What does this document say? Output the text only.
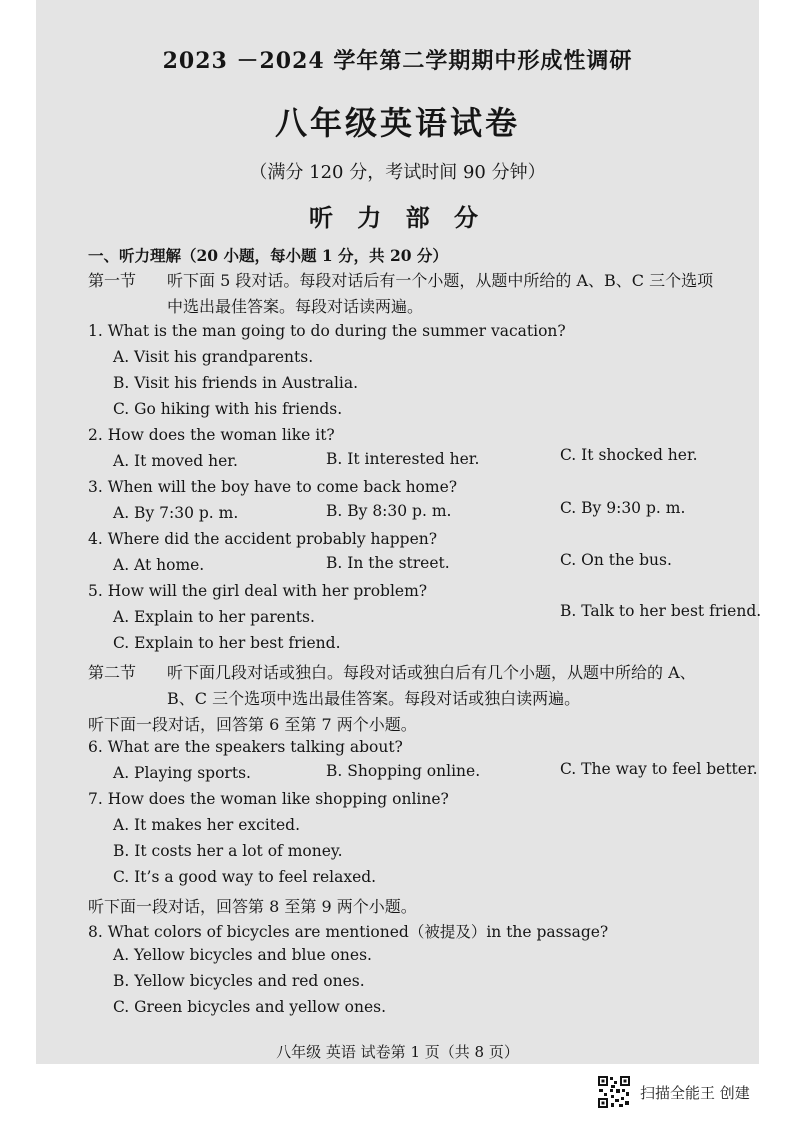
2023 －2024 学年第二学期期中形成性调研
八年级英语试卷
（满分 120 分，考试时间 90 分钟）
听 力 部 分
一、听力理解（20 小题，每小题 1 分，共 20 分）
第一节 听下面 5 段对话。每段对话后有一个小题，从题中所给的 A、B、C 三个选项
中选出最佳答案。每段对话读两遍。
1. What is the man going to do during the summer vacation?
A. Visit his grandparents.
B. Visit his friends in Australia.
C. Go hiking with his friends.
2. How does the woman like it?
A. It moved her.	B. It interested her.	C. It shocked her.
3. When will the boy have to come back home?
A. By 7:30 p. m.	B. By 8:30 p. m.	C. By 9:30 p. m.
4. Where did the accident probably happen?
A. At home.	B. In the street.	C. On the bus.
5. How will the girl deal with her problem?
A. Explain to her parents.	B. Talk to her best friend.
C. Explain to her best friend.
第二节 听下面几段对话或独白。每段对话或独白后有几个小题，从题中所给的 A、
B、C 三个选项中选出最佳答案。每段对话或独白读两遍。
听下面一段对话，回答第 6 至第 7 两个小题。
6. What are the speakers talking about?
A. Playing sports.	B. Shopping online.	C. The way to feel better.
7. How does the woman like shopping online?
A. It makes her excited.
B. It costs her a lot of money.
C. It’s a good way to feel relaxed.
听下面一段对话，回答第 8 至第 9 两个小题。
8. What colors of bicycles are mentioned（被提及）in the passage?
A. Yellow bicycles and blue ones.
B. Yellow bicycles and red ones.
C. Green bicycles and yellow ones.
八年级 英语 试卷第 1 页（共 8 页）
扫描全能王 创建
